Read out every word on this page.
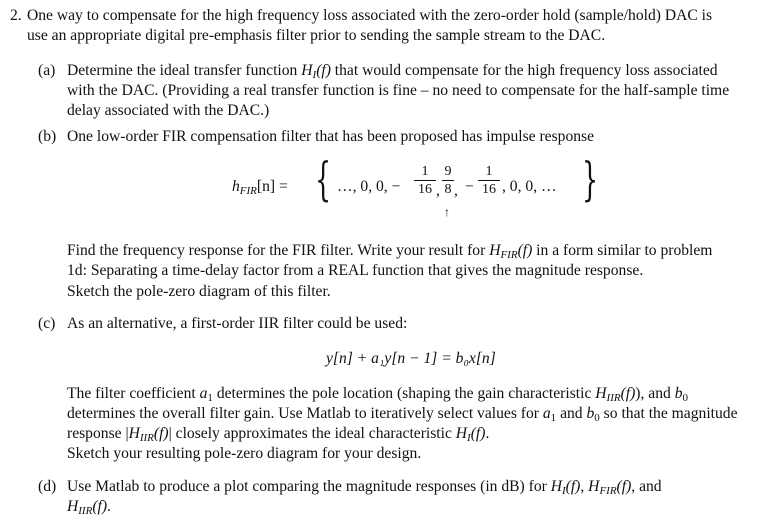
2. One way to compensate for the high frequency loss associated with the zero-order hold (sample/hold) DAC is
use an appropriate digital pre-emphasis filter prior to sending the sample stream to the DAC.
(a) Determine the ideal transfer function $H_I(f)$ that would compensate for the high frequency loss associated
with the DAC. (Providing a real transfer function is fine – no need to compensate for the half-sample time
delay associated with the DAC.)
(b) One low-order FIR compensation filter that has been proposed has impulse response
$h_{FIR}[n]$ = { …, 0, 0, −
1
16 ,
9
8 , −
1
16 , 0, 0, … }
↑
Find the frequency response for the FIR filter. Write your result for $H_{FIR}(f)$ in a form similar to problem
1d: Separating a time-delay factor from a REAL function that gives the magnitude response.
Sketch the pole-zero diagram of this filter.
(c) As an alternative, a first-order IIR filter could be used:
y[n] + a₁y[n − 1] = b₀x[n]
The filter coefficient $a_1$ determines the pole location (shaping the gain characteristic $H_{IIR}(f)$), and $b_0$
determines the overall filter gain. Use Matlab to iteratively select values for $a_1$ and $b_0$ so that the magnitude
response $|H_{IIR}(f)|$ closely approximates the ideal characteristic $H_I(f)$.
Sketch your resulting pole-zero diagram for your design.
(d) Use Matlab to produce a plot comparing the magnitude responses (in dB) for $H_I(f)$, $H_{FIR}(f)$, and
$H_{IIR}(f)$.
